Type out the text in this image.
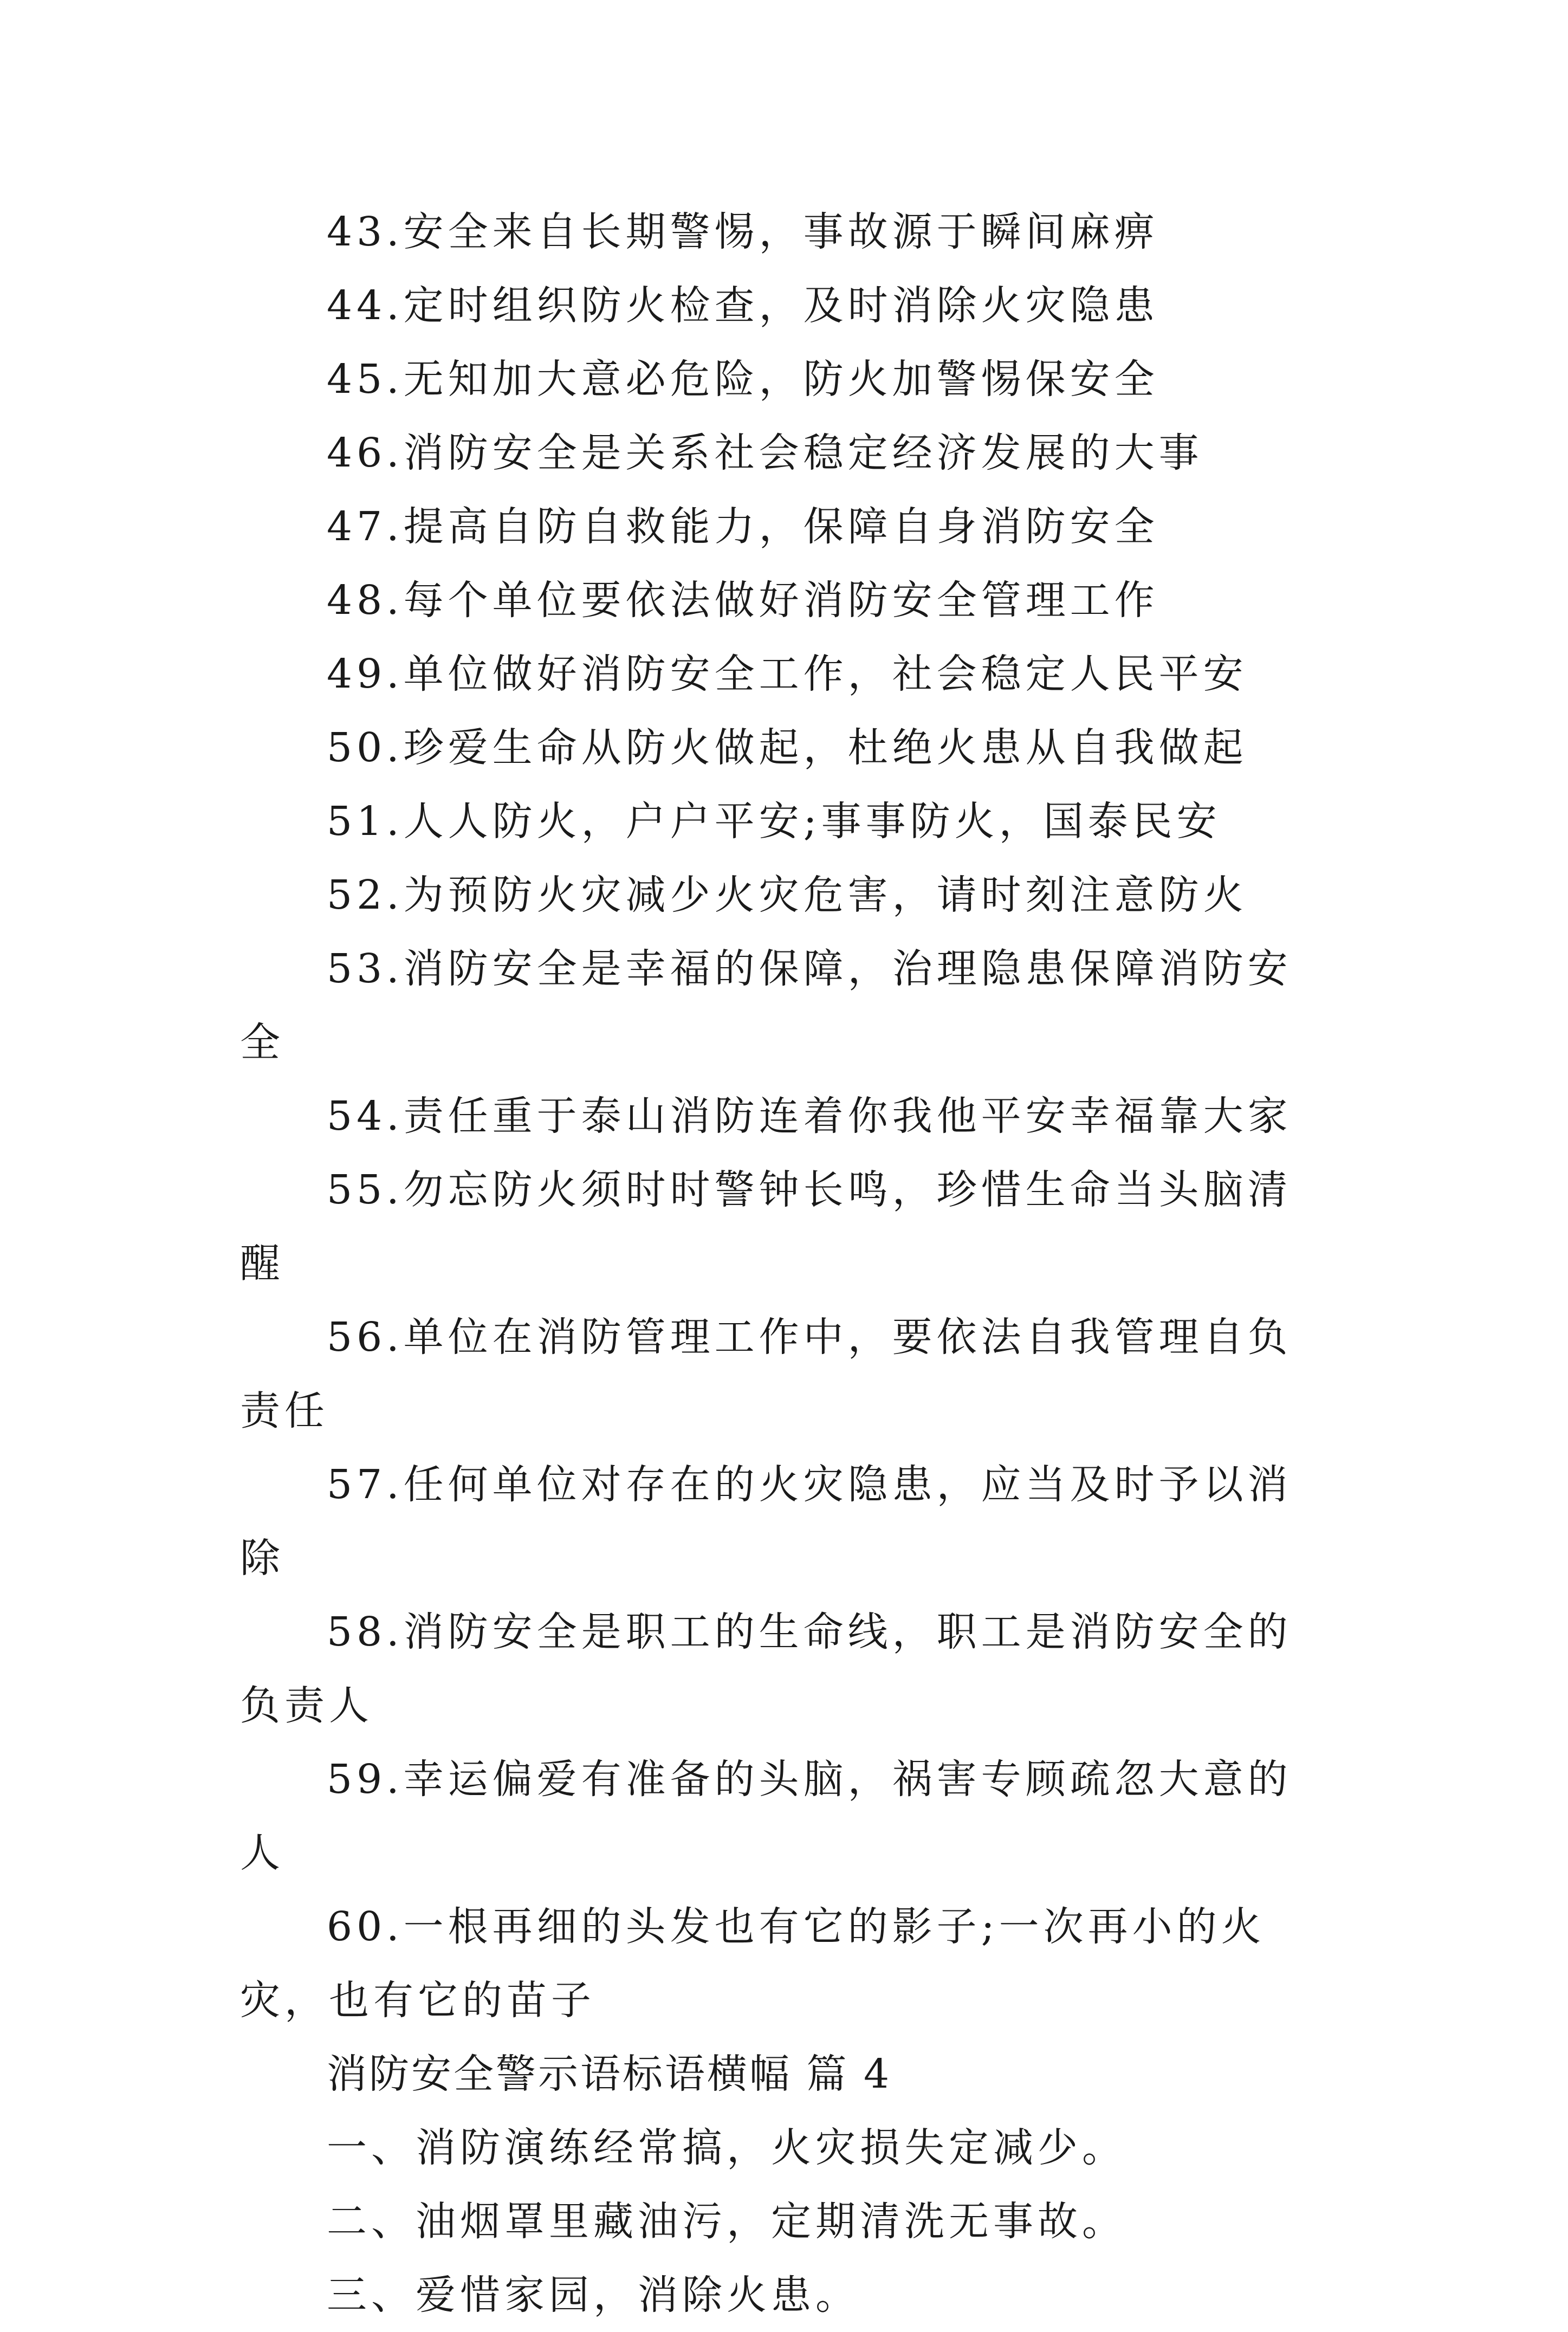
43.安全来自长期警惕，事故源于瞬间麻痹

44.定时组织防火检查，及时消除火灾隐患

45.无知加大意必危险，防火加警惕保安全

46.消防安全是关系社会稳定经济发展的大事

47.提高自防自救能力，保障自身消防安全

48.每个单位要依法做好消防安全管理工作

49.单位做好消防安全工作，社会稳定人民平安

50.珍爱生命从防火做起，杜绝火患从自我做起

51.人人防火，户户平安;事事防火，国泰民安

52.为预防火灾减少火灾危害，请时刻注意防火

53.消防安全是幸福的保障，治理隐患保障消防安全

54.责任重于泰山消防连着你我他平安幸福靠大家

55.勿忘防火须时时警钟长鸣，珍惜生命当头脑清醒

56.单位在消防管理工作中，要依法自我管理自负责任

57.任何单位对存在的火灾隐患，应当及时予以消除

58.消防安全是职工的生命线，职工是消防安全的负责人

59.幸运偏爱有准备的头脑，祸害专顾疏忽大意的人

60.一根再细的头发也有它的影子;一次再小的火灾，也有它的苗子

消防安全警示语标语横幅 篇 4

一、消防演练经常搞，火灾损失定减少。

二、油烟罩里藏油污，定期清洗无事故。

三、爱惜家园，消除火患。
